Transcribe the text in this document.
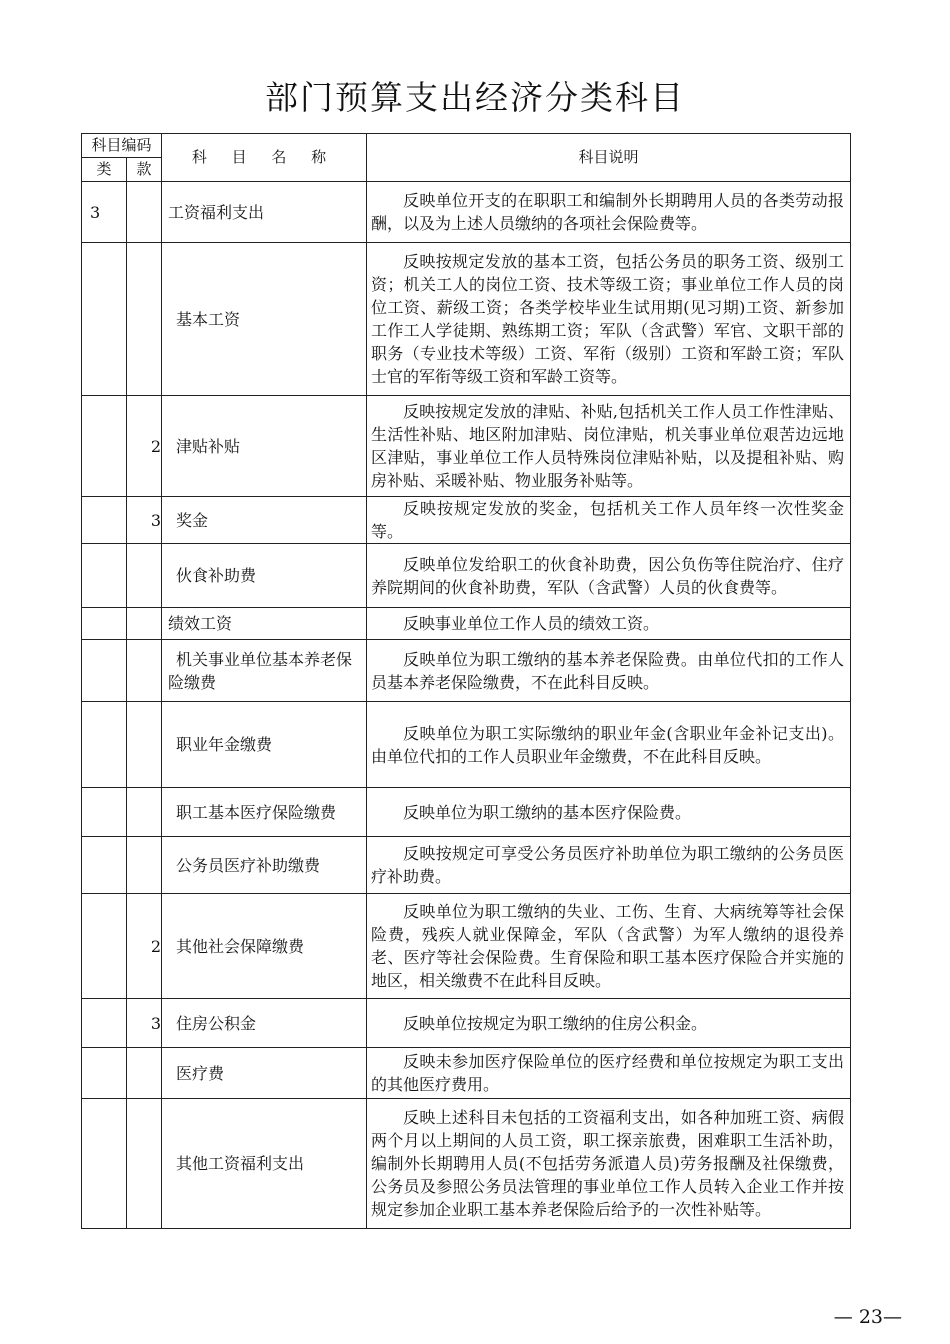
部门预算支出经济分类科目
科目编码		科 目 名 称	科目说明
类	款		
3		工资福利支出	反映单位开支的在职职工和编制外长期聘用人员的各类劳动报酬，以及为上述人员缴纳的各项社会保险费等。

		基本工资	反映按规定发放的基本工资，包括公务员的职务工资、级别工资；机关工人的岗位工资、技术等级工资；事业单位工作人员的岗位工资、薪级工资；各类学校毕业生试用期(见习期)工资、新参加工作工人学徒期、熟练期工资；军队（含武警）军官、文职干部的职务（专业技术等级）工资、军衔（级别）工资和军龄工资；军队士官的军衔等级工资和军龄工资等。

	2	津贴补贴	反映按规定发放的津贴、补贴,包括机关工作人员工作性津贴、生活性补贴、地区附加津贴、岗位津贴，机关事业单位艰苦边远地区津贴，事业单位工作人员特殊岗位津贴补贴，以及提租补贴、购房补贴、采暖补贴、物业服务补贴等。

	3	奖金	反映按规定发放的奖金，包括机关工作人员年终一次性奖金等。

		伙食补助费	反映单位发给职工的伙食补助费，因公负伤等住院治疗、住疗养院期间的伙食补助费，军队（含武警）人员的伙食费等。

		绩效工资	反映事业单位工作人员的绩效工资。

		机关事业单位基本养老保险缴费	反映单位为职工缴纳的基本养老保险费。由单位代扣的工作人员基本养老保险缴费，不在此科目反映。

		职业年金缴费	反映单位为职工实际缴纳的职业年金(含职业年金补记支出)。由单位代扣的工作人员职业年金缴费，不在此科目反映。

		职工基本医疗保险缴费	反映单位为职工缴纳的基本医疗保险费。

		公务员医疗补助缴费	反映按规定可享受公务员医疗补助单位为职工缴纳的公务员医疗补助费。

	2	其他社会保障缴费	反映单位为职工缴纳的失业、工伤、生育、大病统筹等社会保险费，残疾人就业保障金，军队（含武警）为军人缴纳的退役养老、医疗等社会保险费。生育保险和职工基本医疗保险合并实施的地区，相关缴费不在此科目反映。

	3	住房公积金	反映单位按规定为职工缴纳的住房公积金。

		医疗费	反映未参加医疗保险单位的医疗经费和单位按规定为职工支出的其他医疗费用。

		其他工资福利支出	反映上述科目未包括的工资福利支出，如各种加班工资、病假两个月以上期间的人员工资，职工探亲旅费，困难职工生活补助，编制外长期聘用人员(不包括劳务派遣人员)劳务报酬及社保缴费，公务员及参照公务员法管理的事业单位工作人员转入企业工作并按规定参加企业职工基本养老保险后给予的一次性补贴等。
— 23—
